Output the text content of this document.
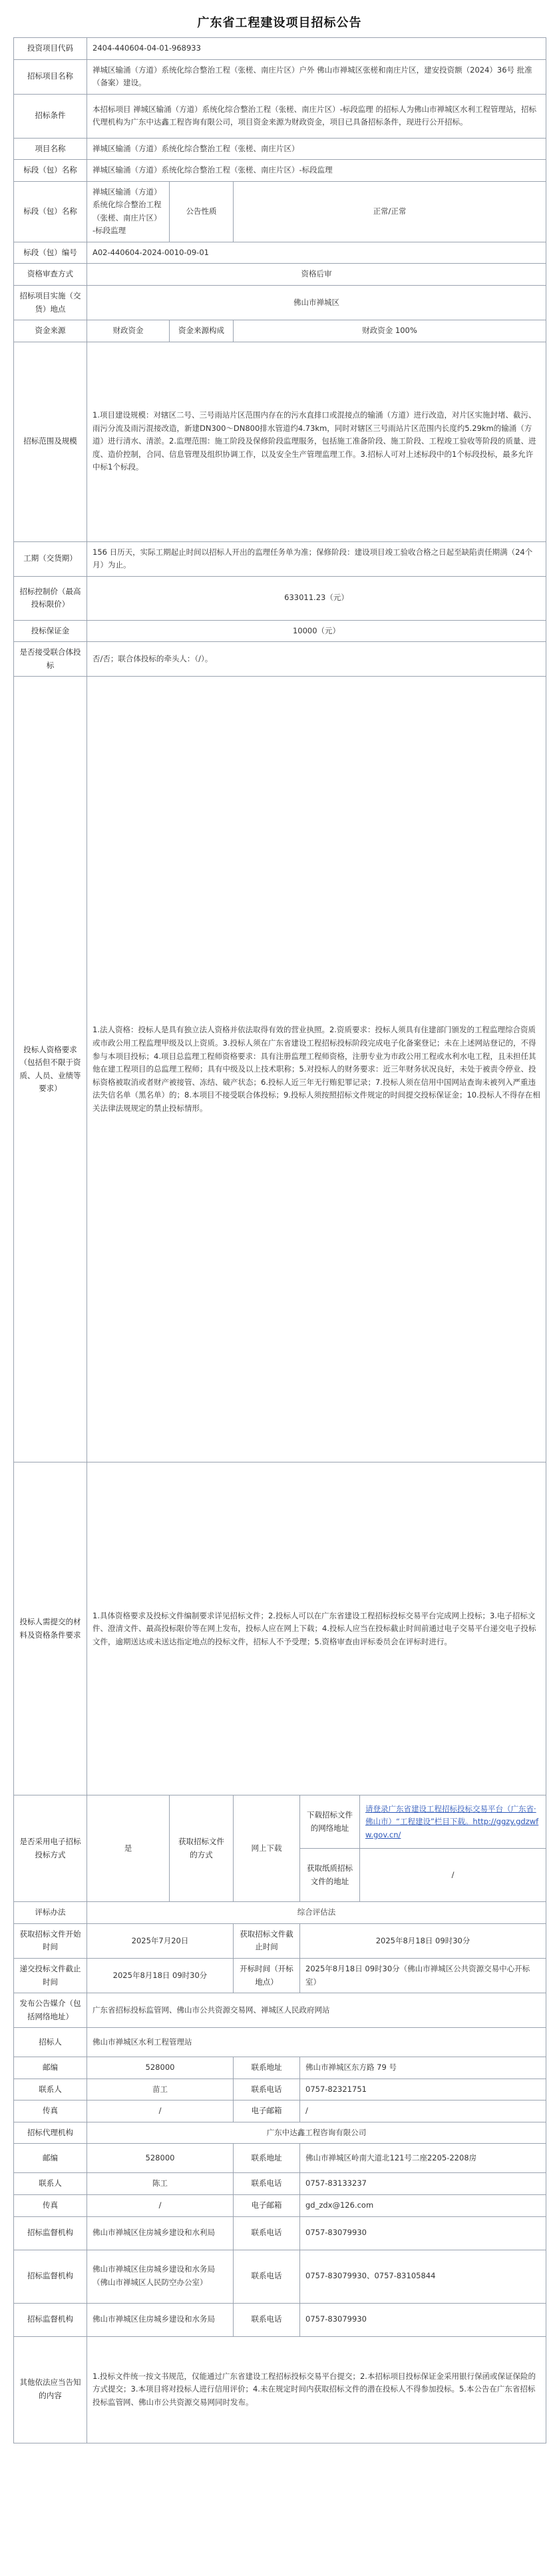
广东省工程建设项目招标公告
投资项目代码	2404-440604-04-01-968933				
招标项目名称	禅城区输涌（方道）系统化综合整治工程（张槎、南庄片区）户外 佛山市禅城区张槎和南庄片区，建安投资额（2024）36号 批准（备案）建设。				
招标条件	本招标项目 禅城区输涌（方道）系统化综合整治工程（张槎、南庄片区）-标段监理 的招标人为佛山市禅城区水利工程管理站，招标代理机构为广东中达鑫工程咨询有限公司，项目资金来源为财政资金，项目已具备招标条件，现进行公开招标。				
项目名称	禅城区输涌（方道）系统化综合整治工程（张槎、南庄片区）				
标段（包）名称	禅城区输涌（方道）系统化综合整治工程（张槎、南庄片区）-标段监理				
标段（包）名称	禅城区输涌（方道）系统化综合整治工程（张槎、南庄片区）-标段监理	公告性质	正常/正常		
标段（包）编号	A02-440604-2024-0010-09-01				
资格审查方式	资格后审				
招标项目实施（交货）地点	佛山市禅城区				
资金来源	财政资金	资金来源构成	财政资金 100%		
招标范围及规模	1.项目建设规模：对辖区二号、三号雨站片区范围内存在的污水直排口或混接点的输涌（方道）进行改造，对片区实施封堵、截污、雨污分流及雨污混接改造，新建DN300～DN800排水管道约4.73km，同时对辖区三号雨站片区范围内长度约5.29km的输涌（方道）进行清水、清淤。2.监理范围：施工阶段及保修阶段监理服务，包括施工准备阶段、施工阶段、工程竣工验收等阶段的质量、进度、造价控制，合同、信息管理及组织协调工作，以及安全生产管理监理工作。3.招标人可对上述标段中的1个标段投标，最多允许中标1个标段。				
工期（交货期）	156 日历天，实际工期起止时间以招标人开出的监理任务单为准；保修阶段：建设项目竣工验收合格之日起至缺陷责任期满（24个月）为止。				
招标控制价（最高投标限价）	633011.23（元）				
投标保证金	10000（元）				
是否接受联合体投标	否/否；联合体投标的牵头人：（/）。				
投标人资格要求（包括但不限于资质、人员、业绩等要求）	1.法人资格：投标人是具有独立法人资格并依法取得有效的营业执照。2.资质要求：投标人须具有住建部门颁发的工程监理综合资质或市政公用工程监理甲级及以上资质。3.投标人须在广东省建设工程招标投标阶段完成电子化备案登记；未在上述网站登记的，不得参与本项目投标；4.项目总监理工程师资格要求：具有注册监理工程师资格，注册专业为市政公用工程或水利水电工程，且未担任其他在建工程项目的总监理工程师；具有中级及以上技术职称；5.对投标人的财务要求：近三年财务状况良好，未处于被责令停业、投标资格被取消或者财产被接管、冻结、破产状态；6.投标人近三年无行贿犯罪记录；7.投标人须在信用中国网站查询未被列入严重违法失信名单（黑名单）的；8.本项目不接受联合体投标；9.投标人须按照招标文件规定的时间提交投标保证金；10.投标人不得存在相关法律法规规定的禁止投标情形。				
投标人需提交的材料及资格条件要求	1.具体资格要求及投标文件编制要求详见招标文件；2.投标人可以在广东省建设工程招标投标交易平台完成网上投标；3.电子招标文件、澄清文件、最高投标限价等在网上发布，投标人应在网上下载；4.投标人应当在投标截止时间前通过电子交易平台递交电子投标文件，逾期送达或未送达指定地点的投标文件，招标人不予受理；5.资格审查由评标委员会在评标时进行。				
是否采用电子招标投标方式	是	获取招标文件的方式	网上下载	下载招标文件的网络地址	请登录广东省建设工程招标投标交易平台（广东省·佛山市）“工程建设”栏目下载。http://ggzy.gdzwfw.gov.cn/
				获取纸质招标文件的地址	/
评标办法	综合评估法				
获取招标文件开始时间	2025年7月20日		获取招标文件截止时间	2025年8月18日 09时30分	
递交投标文件截止时间	2025年8月18日 09时30分		开标时间（开标地点）	2025年8月18日 09时30分（佛山市禅城区公共资源交易中心开标室）	
发布公告媒介（包括网络地址）	广东省招标投标监管网、佛山市公共资源交易网、禅城区人民政府网站				
招标人	佛山市禅城区水利工程管理站				
邮编	528000		联系地址	佛山市禅城区东方路 79 号	
联系人	苗工		联系电话	0757-82321751	
传真	/		电子邮箱	/	
招标代理机构	广东中达鑫工程咨询有限公司				
邮编	528000		联系地址	佛山市禅城区岭南大道北121号二座2205-2208房	
联系人	陈工		联系电话	0757-83133237	
传真	/		电子邮箱	gd_zdx@126.com	
招标监督机构	佛山市禅城区住房城乡建设和水利局		联系电话	0757-83079930	
招标监督机构	佛山市禅城区住房城乡建设和水务局（佛山市禅城区人民防空办公室）		联系电话	0757-83079930、0757-83105844	
招标监督机构	佛山市禅城区住房城乡建设和水务局		联系电话	0757-83079930	
其他依法应当告知的内容	1.投标文件统一按文书规范，仅能通过广东省建设工程招标投标交易平台提交；2.本招标项目投标保证金采用银行保函或保证保险的方式提交；3.本项目将对投标人进行信用评价；4.未在规定时间内获取招标文件的潜在投标人不得参加投标。5.本公告在广东省招标投标监管网、佛山市公共资源交易网同时发布。				
